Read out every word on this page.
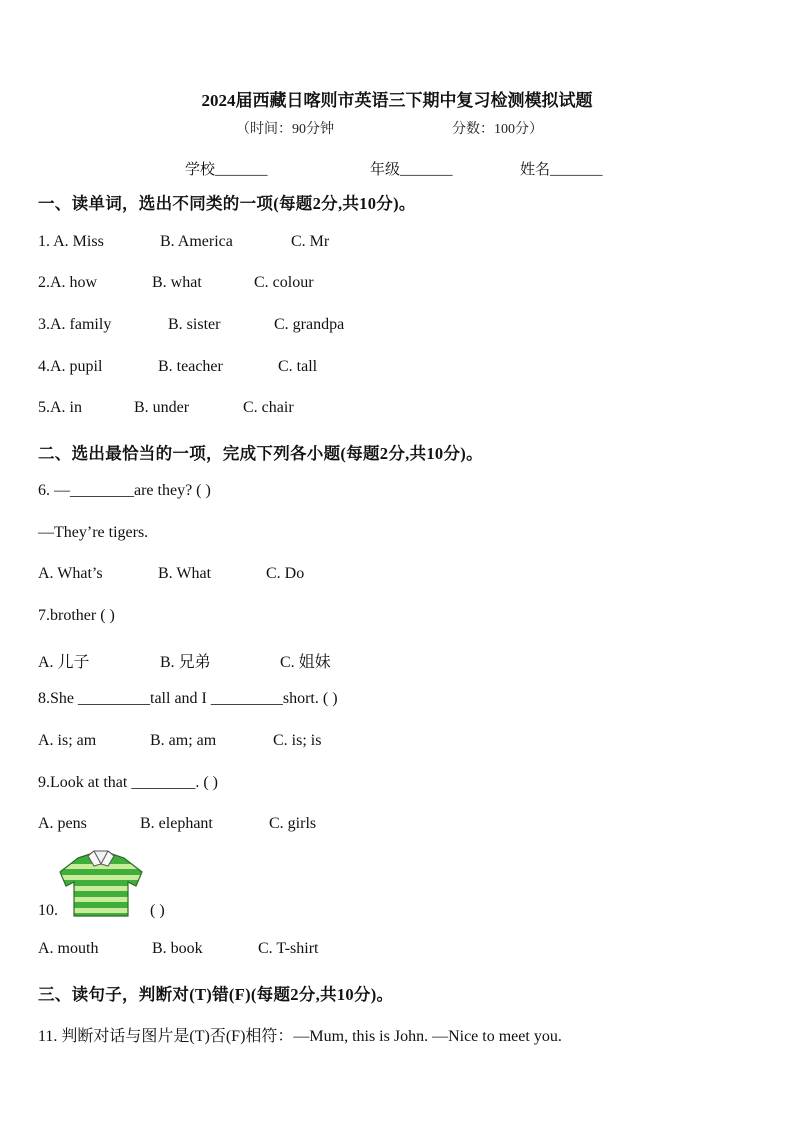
2024届西藏日喀则市英语三下期中复习检测模拟试题
（时间：90分钟	分数：100分）
学校_______	年级_______	姓名_______
一、读单词，选出不同类的一项(每题2分,共10分)。
1. A. Miss	B. America	C. Mr
2.A. how	B. what	C. colour
3.A. family	B. sister	C. grandpa
4.A. pupil	B. teacher	C. tall
5.A. in	B. under	C. chair
二、选出最恰当的一项，完成下列各小题(每题2分,共10分)。
6. —________are they? ( )
—They’re tigers.
A. What’s	B. What	C. Do
7.brother ( )
A. 儿子	B. 兄弟	C. 姐妹
8.She _________tall and I _________short. ( )
A. is; am	B. am; am	C. is; is
9.Look at that ________. ( )
A. pens	B. elephant	C. girls
10.	( )
A. mouth	B. book	C. T-shirt
三、读句子，判断对(T)错(F)(每题2分,共10分)。
11. 判断对话与图片是(T)否(F)相符：—Mum, this is John. —Nice to meet you.
